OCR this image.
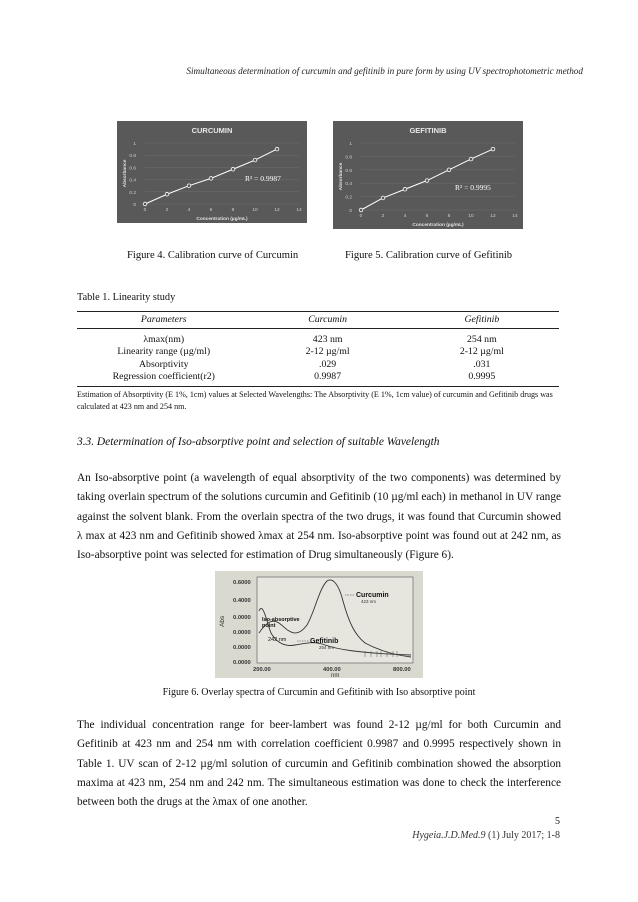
Simultaneous determination of curcumin and gefitinib in pure form by using UV spectrophotometric method
CURCUMIN
0
0.2
0.4
0.6
0.8
1
0	2	4	6	8	10	12	14
Concentration (µg/mL)
Absorbance	R² = 0.9987
Figure 4. Calibration curve of Curcumin
GEFITINIB
0
0.2
0.4
0.6
0.8
1
0	2	4	6	8	10	12	14
Concentration (µg/mL)
Absorbance	R² = 0.9995
Figure 5. Calibration curve of Gefitinib
Table 1. Linearity study
Parameters	Curcumin	Gefitinib
λmax(nm)	423 nm	254 nm
Linearity range (µg/ml)	2-12 µg/ml	2-12 µg/ml
Absorptivity	.029	.031
Regression coefficient(r2)	0.9987	0.9995
Estimation of Absorptivity (E 1%, 1cm) values at Selected Wavelengths: The Absorptivity (E 1%, 1cm value) of curcumin and Gefitinib drugs was calculated at 423 nm and 254 nm.
3.3. Determination of Iso-absorptive point and selection of suitable Wavelength
An Iso-absorptive point (a wavelength of equal absorptivity of the two components) was determined by taking overlain spectrum of the solutions curcumin and Gefitinib (10 µg/ml each) in methanol in UV range against the solvent blank. From the overlain spectra of the two drugs, it was found that Curcumin showed λ max at 423 nm and Gefitinib showed λmax at 254 nm. Iso-absorptive point was found out at 242 nm, as Iso-absorptive point was selected for estimation of Drug simultaneously (Figure 6).
0.6000
0.4000
0.0000
0.0000
0.0000
0.0000
Abs
200.00	400.00	800.00
nm
Curcumin
423 nm
Iso-absorptive
point
242 nm	Gefitinib
254 nm
Figure 6. Overlay spectra of Curcumin and Gefitinib with Iso absorptive point
The individual concentration range for beer-lambert was found 2-12 µg/ml for both Curcumin and Gefitinib at 423 nm and 254 nm with correlation coefficient 0.9987 and 0.9995 respectively shown in Table 1. UV scan of 2-12 µg/ml solution of curcumin and Gefitinib combination showed the absorption maxima at 423 nm, 254 nm and 242 nm. The simultaneous estimation was done to check the interference between both the drugs at the λmax of one another.
5
Hygeia.J.D.Med.9 (1) July 2017; 1-8
